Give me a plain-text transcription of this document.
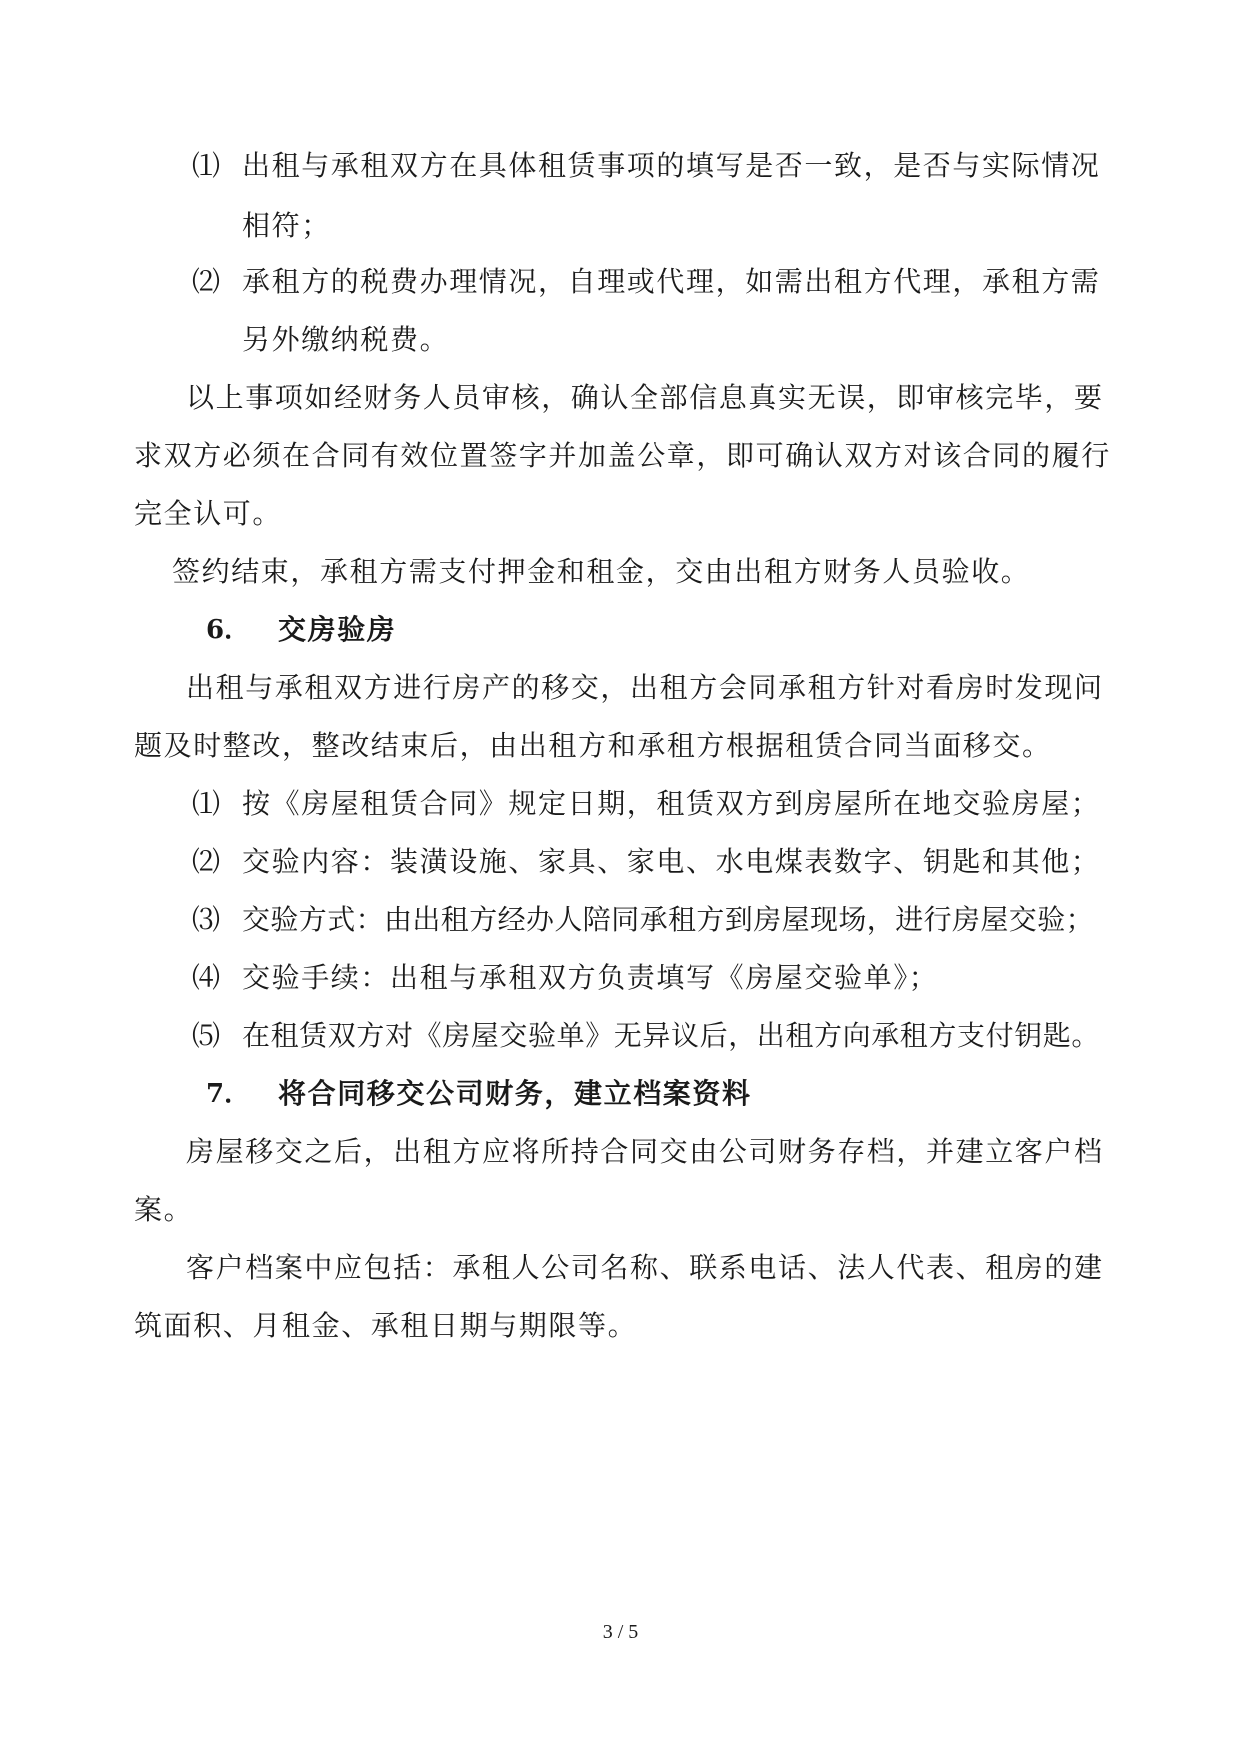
⑴ 出租与承租双方在具体租赁事项的填写是否一致，是否与实际情况
相符；
⑵ 承租方的税费办理情况，自理或代理，如需出租方代理，承租方需
另外缴纳税费。
以上事项如经财务人员审核，确认全部信息真实无误，即审核完毕，要
求双方必须在合同有效位置签字并加盖公章，即可确认双方对该合同的履行
完全认可。
签约结束，承租方需支付押金和租金，交由出租方财务人员验收。
6． 交房验房
出租与承租双方进行房产的移交，出租方会同承租方针对看房时发现问
题及时整改，整改结束后，由出租方和承租方根据租赁合同当面移交。
⑴ 按《房屋租赁合同》规定日期，租赁双方到房屋所在地交验房屋；
⑵ 交验内容：装潢设施、家具、家电、水电煤表数字、钥匙和其他；
⑶ 交验方式：由出租方经办人陪同承租方到房屋现场，进行房屋交验；
⑷ 交验手续：出租与承租双方负责填写《房屋交验单》；
⑸ 在租赁双方对《房屋交验单》无异议后，出租方向承租方支付钥匙。
7． 将合同移交公司财务，建立档案资料
房屋移交之后，出租方应将所持合同交由公司财务存档，并建立客户档
案。
客户档案中应包括：承租人公司名称、联系电话、法人代表、租房的建
筑面积、月租金、承租日期与期限等。
3 / 5
